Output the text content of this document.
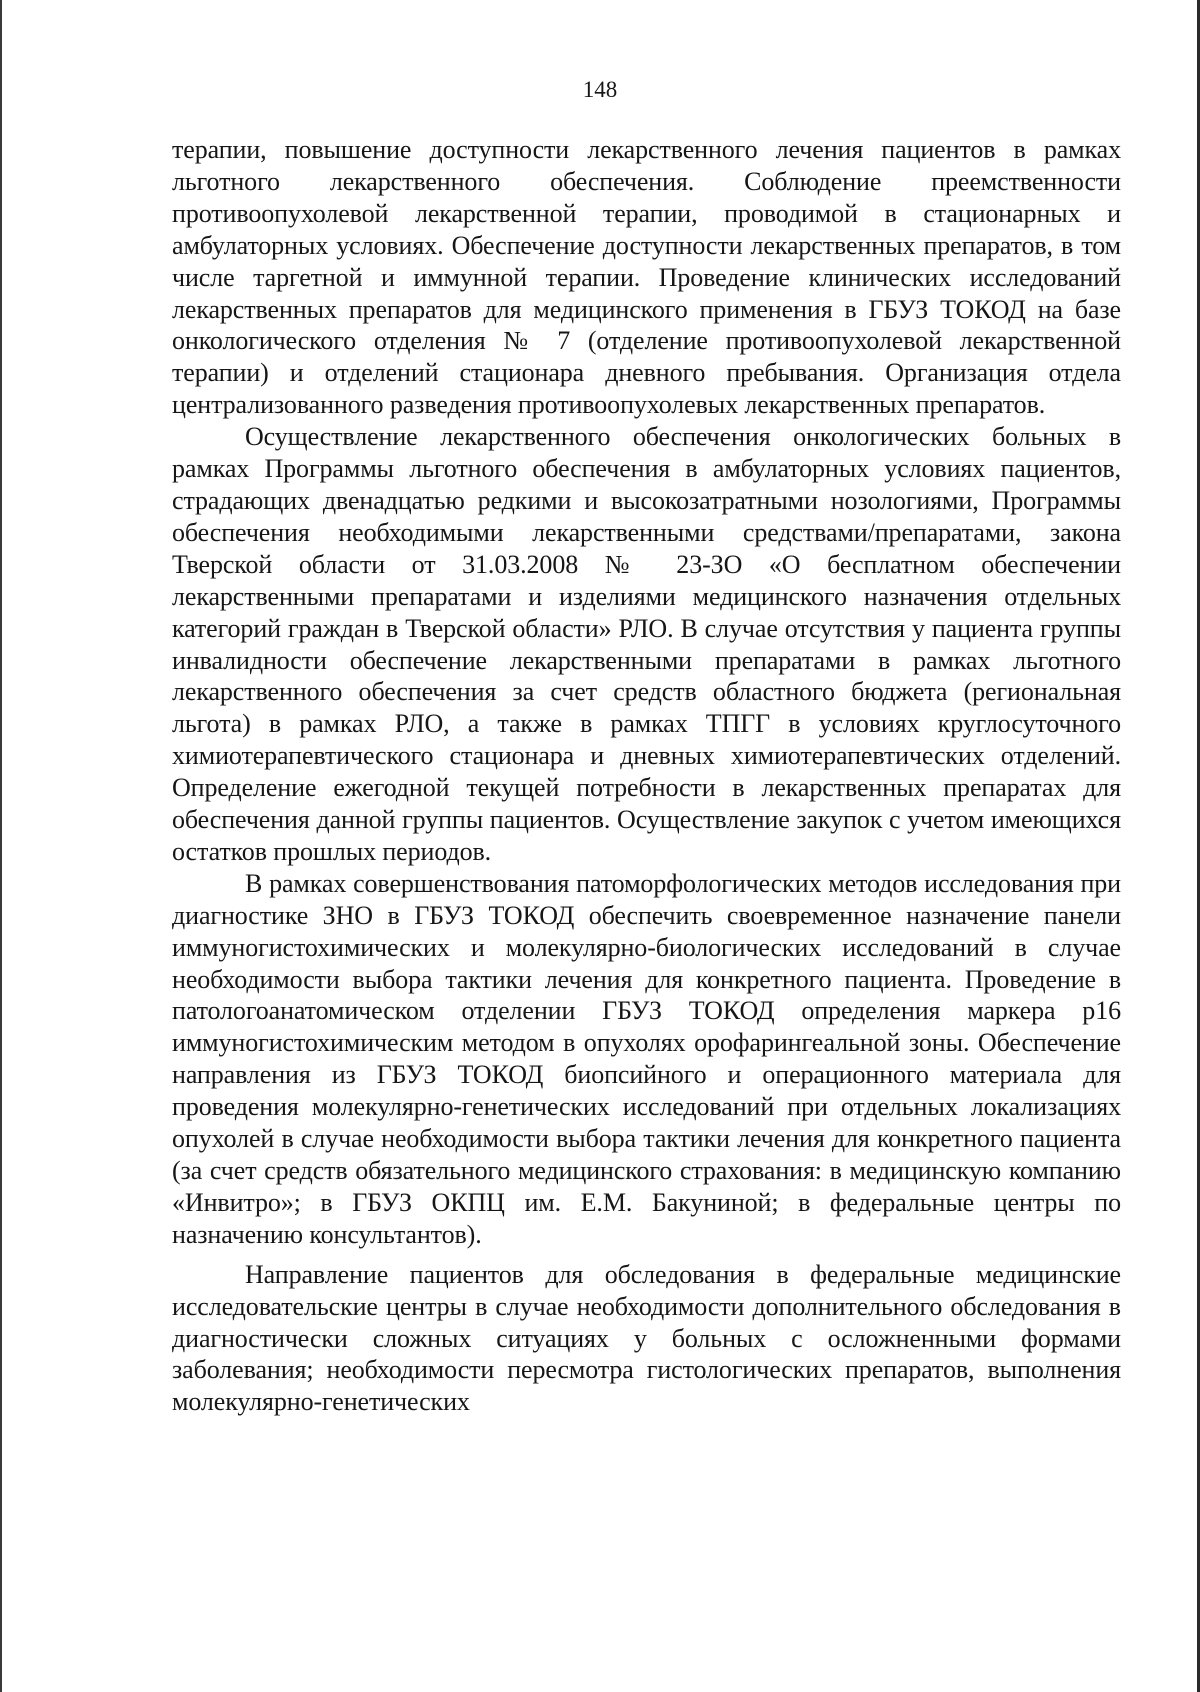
148

терапии, повышение доступности лекарственного лечения пациентов в рамках льготного лекарственного обеспечения. Соблюдение преемственности противоопухолевой лекарственной терапии, проводимой в стационарных и амбулаторных условиях. Обеспечение доступности лекарственных препаратов, в том числе таргетной и иммунной терапии. Проведение клинических исследований лекарственных препаратов для медицинского применения в ГБУЗ ТОКОД на базе онкологического отделения № 7 (отделение противоопухолевой лекарственной терапии) и отделений стационара дневного пребывания. Организация отдела централизованного разведения противоопухолевых лекарственных препаратов.

Осуществление лекарственного обеспечения онкологических больных в рамках Программы льготного обеспечения в амбулаторных условиях пациентов, страдающих двенадцатью редкими и высокозатратными нозологиями, Программы обеспечения необходимыми лекарственными средствами/препаратами, закона Тверской области от 31.03.2008 № 23-ЗО «О бесплатном обеспечении лекарственными препаратами и изделиями медицинского назначения отдельных категорий граждан в Тверской области» РЛО. В случае отсутствия у пациента группы инвалидности обеспечение лекарственными препаратами в рамках льготного лекарственного обеспечения за счет средств областного бюджета (региональная льгота) в рамках РЛО, а также в рамках ТПГГ в условиях круглосуточного химиотерапевтического стационара и дневных химиотерапевтических отделений. Определение ежегодной текущей потребности в лекарственных препаратах для обеспечения данной группы пациентов. Осуществление закупок с учетом имеющихся остатков прошлых периодов.

В рамках совершенствования патоморфологических методов исследования при диагностике ЗНО в ГБУЗ ТОКОД обеспечить своевременное назначение панели иммуногистохимических и молекулярно-биологических исследований в случае необходимости выбора тактики лечения для конкретного пациента. Проведение в патологоанатомическом отделении ГБУЗ ТОКОД определения маркера p16 иммуногистохимическим методом в опухолях орофарингеальной зоны. Обеспечение направления из ГБУЗ ТОКОД биопсийного и операционного материала для проведения молекулярно-генетических исследований при отдельных локализациях опухолей в случае необходимости выбора тактики лечения для конкретного пациента (за счет средств обязательного медицинского страхования: в медицинскую компанию «Инвитро»; в ГБУЗ ОКПЦ им. Е.М. Бакуниной; в федеральные центры по назначению консультантов).

Направление пациентов для обследования в федеральные медицинские исследовательские центры в случае необходимости дополнительного обследования в диагностически сложных ситуациях у больных с осложненными формами заболевания; необходимости пересмотра гистологических препаратов, выполнения молекулярно-генетических
